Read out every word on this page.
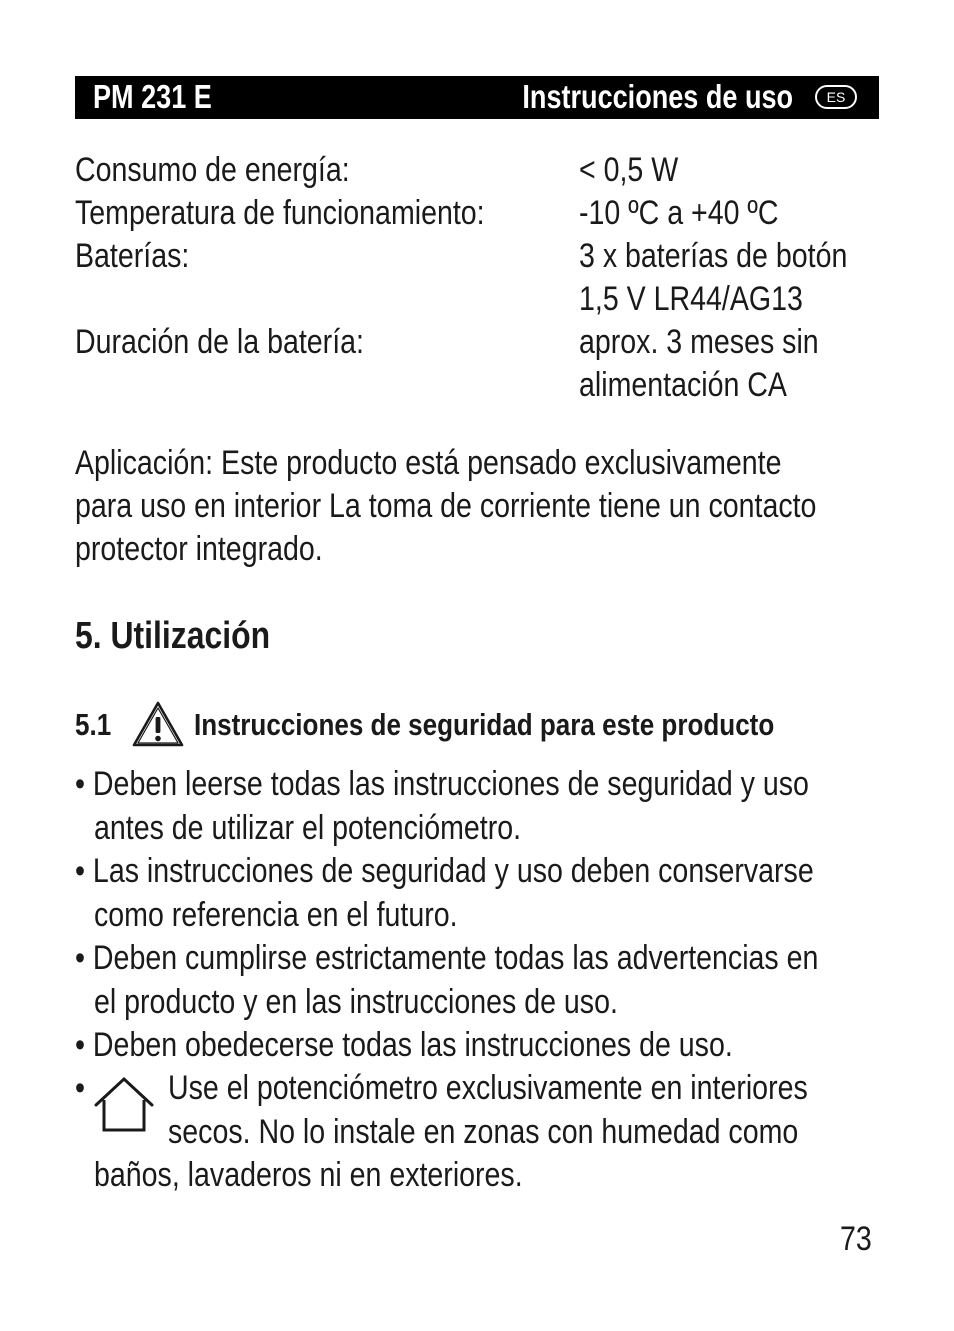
PM 231 E	Instrucciones de uso	ES
Consumo de energía:	< 0,5 W
Temperatura de funcionamiento:	-10 ºC a +40 ºC
Baterías:	3 x baterías de botón
1,5 V LR44/AG13
Duración de la batería:	aprox. 3 meses sin
alimentación CA
Aplicación: Este producto está pensado exclusivamente
para uso en interior La toma de corriente tiene un contacto
protector integrado.
5. Utilización
5.1	Instrucciones de seguridad para este producto
• Deben leerse todas las instrucciones de seguridad y uso
antes de utilizar el potenciómetro.
• Las instrucciones de seguridad y uso deben conservarse
como referencia en el futuro.
• Deben cumplirse estrictamente todas las advertencias en
el producto y en las instrucciones de uso.
• Deben obedecerse todas las instrucciones de uso.
• Use el potenciómetro exclusivamente en interiores
secos. No lo instale en zonas con humedad como
baños, lavaderos ni en exteriores.
73
